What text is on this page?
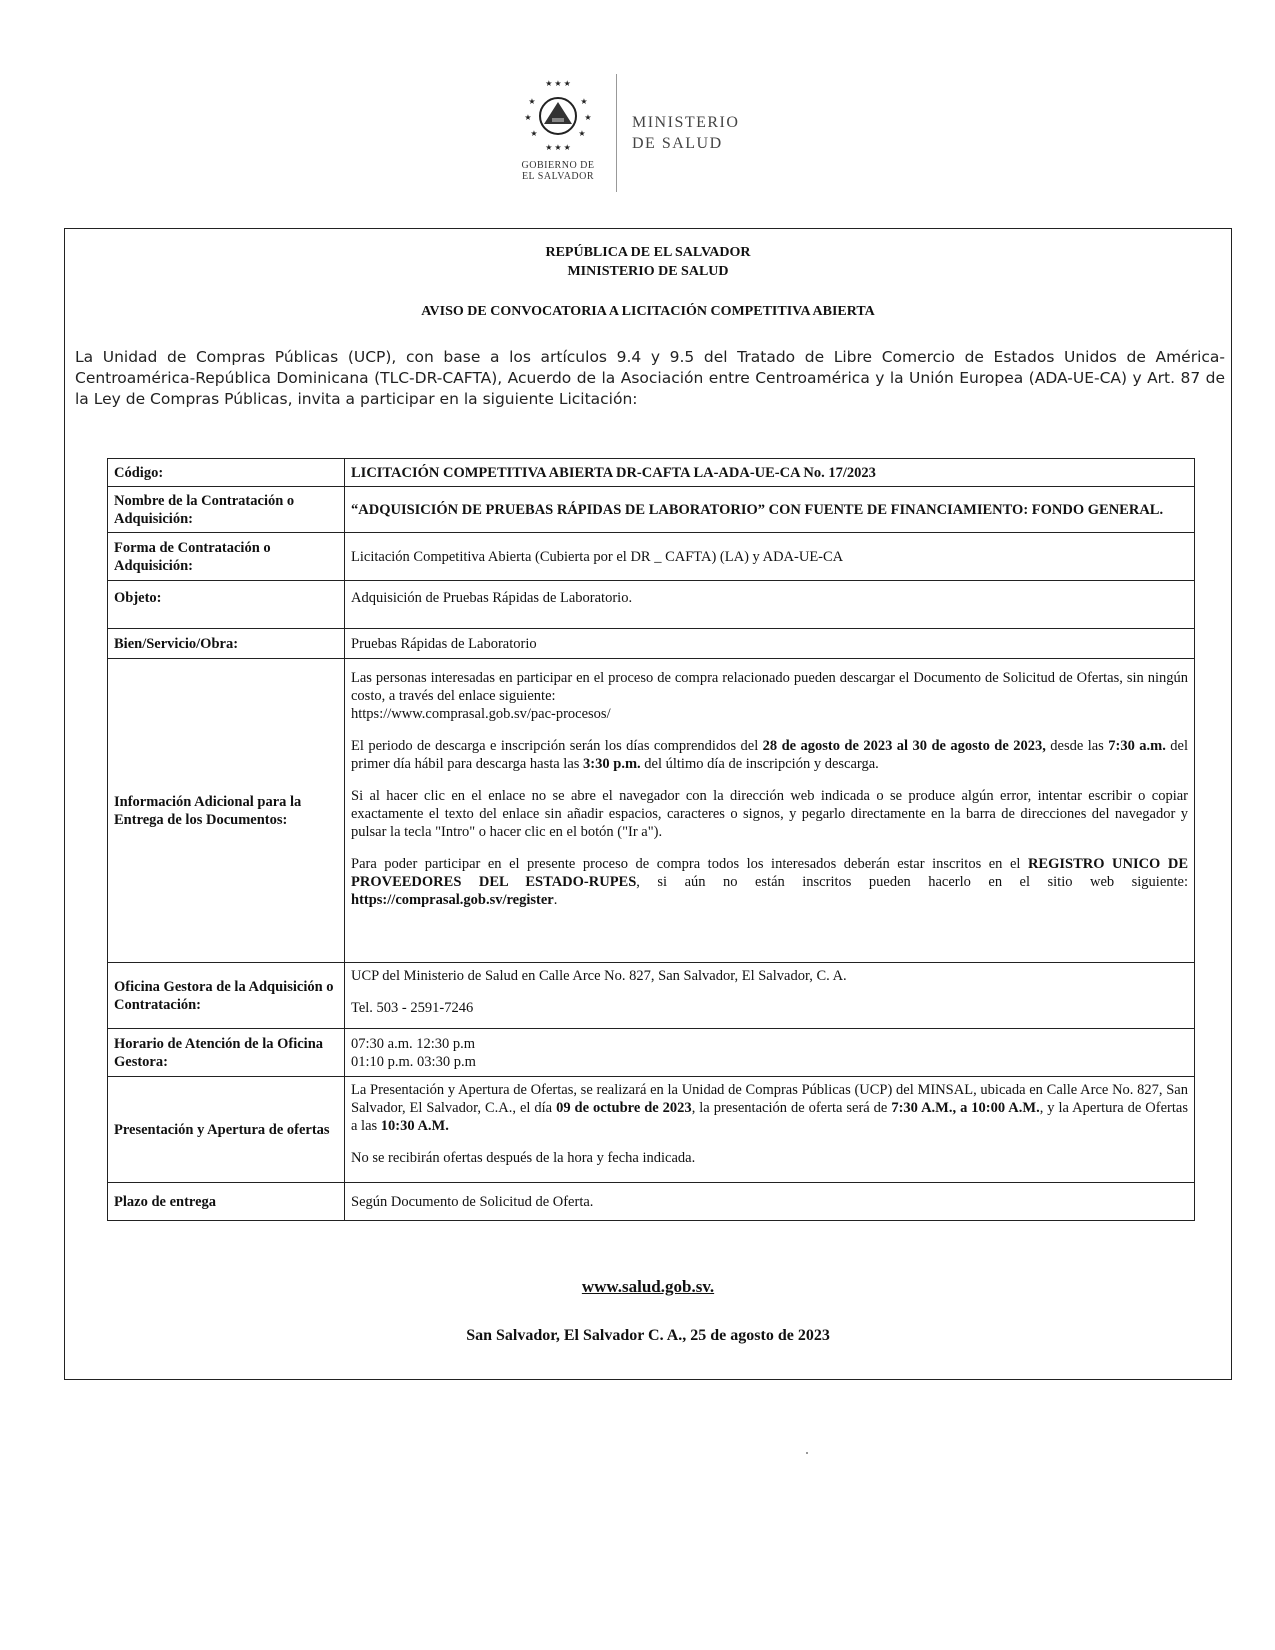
★ ★ ★
★	★
★	★
★	★
★ ★ ★
GOBIERNO DE
EL SALVADOR
MINISTERIO
DE SALUD
REPÚBLICA DE EL SALVADOR
MINISTERIO DE SALUD
AVISO DE CONVOCATORIA A LICITACIÓN COMPETITIVA ABIERTA
La Unidad de Compras Públicas (UCP), con base a los artículos 9.4 y 9.5 del Tratado de Libre Comercio de Estados Unidos de América-Centroamérica-República Dominicana (TLC-DR-CAFTA), Acuerdo de la Asociación entre Centroamérica y la Unión Europea (ADA-UE-CA) y Art. 87 de la Ley de Compras Públicas, invita a participar en la siguiente Licitación:
Código:	LICITACIÓN COMPETITIVA ABIERTA DR-CAFTA LA-ADA-UE-CA No. 17/2023
Nombre de la Contratación o Adquisición:	“ADQUISICIÓN DE PRUEBAS RÁPIDAS DE LABORATORIO” CON FUENTE DE FINANCIAMIENTO: FONDO GENERAL.
Forma de Contratación o Adquisición:	Licitación Competitiva Abierta (Cubierta por el DR _ CAFTA) (LA) y ADA-UE-CA
Objeto:	Adquisición de Pruebas Rápidas de Laboratorio.
Bien/Servicio/Obra:	Pruebas Rápidas de Laboratorio
Información Adicional para la Entrega de los Documentos:	Las personas interesadas en participar en el proceso de compra relacionado pueden descargar el Documento de Solicitud de Ofertas, sin ningún costo, a través del enlace siguiente:
https://www.comprasal.gob.sv/pac-procesos/
El periodo de descarga e inscripción serán los días comprendidos del 28 de agosto de 2023 al 30 de agosto de 2023, desde las 7:30 a.m. del primer día hábil para descarga hasta las 3:30 p.m. del último día de inscripción y descarga.
Si al hacer clic en el enlace no se abre el navegador con la dirección web indicada o se produce algún error, intentar escribir o copiar exactamente el texto del enlace sin añadir espacios, caracteres o signos, y pegarlo directamente en la barra de direcciones del navegador y pulsar la tecla "Intro" o hacer clic en el botón ("Ir a").
Para poder participar en el presente proceso de compra todos los interesados deberán estar inscritos en el REGISTRO UNICO DE PROVEEDORES DEL ESTADO-RUPES, si aún no están inscritos pueden hacerlo en el sitio web siguiente: https://comprasal.gob.sv/register.

Oficina Gestora de la Adquisición o Contratación:	UCP del Ministerio de Salud en Calle Arce No. 827, San Salvador, El Salvador, C. A.
Tel. 503 - 2591-7246

Horario de Atención de la Oficina Gestora:	07:30 a.m. 12:30 p.m
01:10 p.m. 03:30 p.m

Presentación y Apertura de ofertas	La Presentación y Apertura de Ofertas, se realizará en la Unidad de Compras Públicas (UCP) del MINSAL, ubicada en Calle Arce No. 827, San Salvador, El Salvador, C.A., el día 09 de octubre de 2023, la presentación de oferta será de 7:30 A.M., a 10:00 A.M., y la Apertura de Ofertas a las 10:30 A.M.
No se recibirán ofertas después de la hora y fecha indicada.

Plazo de entrega	Según Documento de Solicitud de Oferta.
www.salud.gob.sv.
San Salvador, El Salvador C. A., 25 de agosto de 2023
